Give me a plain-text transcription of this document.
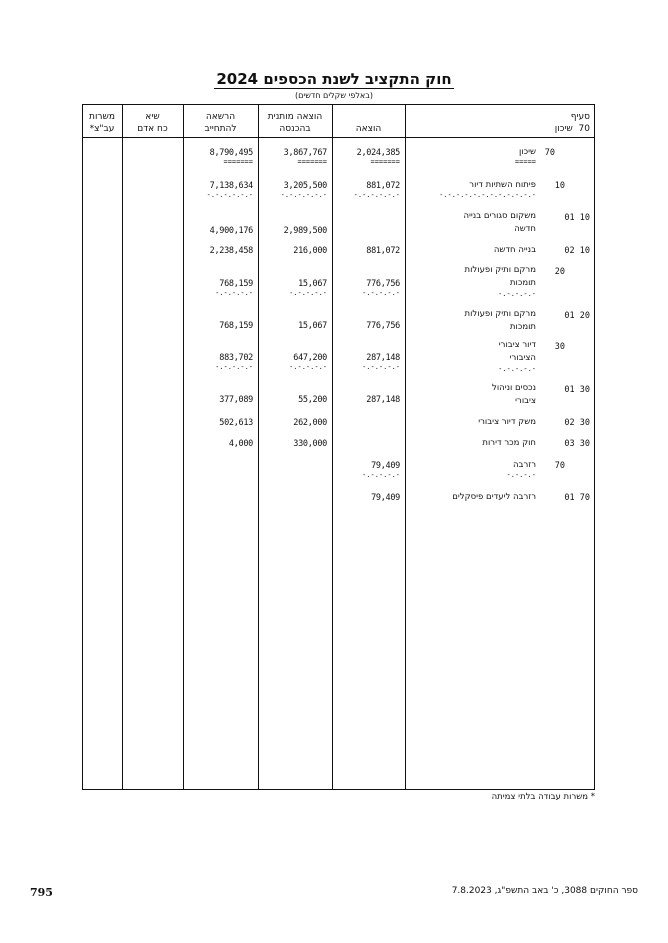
חוק התקציב לשנת הכספים 2024
(באלפי שקלים חדשים)
משרות
עב"צ*
שיא
כח אדם
הרשאה
להתחייב
הוצאה מותנית
בהכנסה	הוצאה
סעיף
70  שיכון
70
שיכון
=====
2,024,385
=======
3,867,767
=======
8,790,495
=======
10
פיתוח השתיות דיור
-.-.-.-.-.-.-.-.-.-.-.-
881,072
-.-.-.-.-.-
3,205,500
-.-.-.-.-.-
7,138,634
-.-.-.-.-.-
01 10
משקום סגורים בנייה
חדשה
2,989,500
4,900,176
02 10
בנייה חדשה
881,072
216,000
2,238,458
20
מרקם ותיק ופעולות
תומכות
-.-.-.-.-
776,756
-.-.-.-.-
15,067
-.-.-.-.-
768,159
-.-.-.-.-
01 20
מרקם ותיק ופעולות
תומכות
776,756
15,067
768,159
30
דיור ציבורי
הציבורי
-.-.-.-.-
287,148
-.-.-.-.-
647,200
-.-.-.-.-
883,702
-.-.-.-.-
01 30
נכסים וניהול
ציבורי
287,148
55,200
377,089
02 30
משק דיור ציבורי
262,000
502,613
03 30
חוק מכר דירות
330,000
4,000
70
רזרבה
-.-.-.-
79,409
-.-.-.-.-
01 70
רזרבה ליעדים פיסקלים
79,409
* משרות עבודה בלתי צמיתה
795	ספר החוקים 3088, כ' באב התשפ"ג, 7.8.2023
